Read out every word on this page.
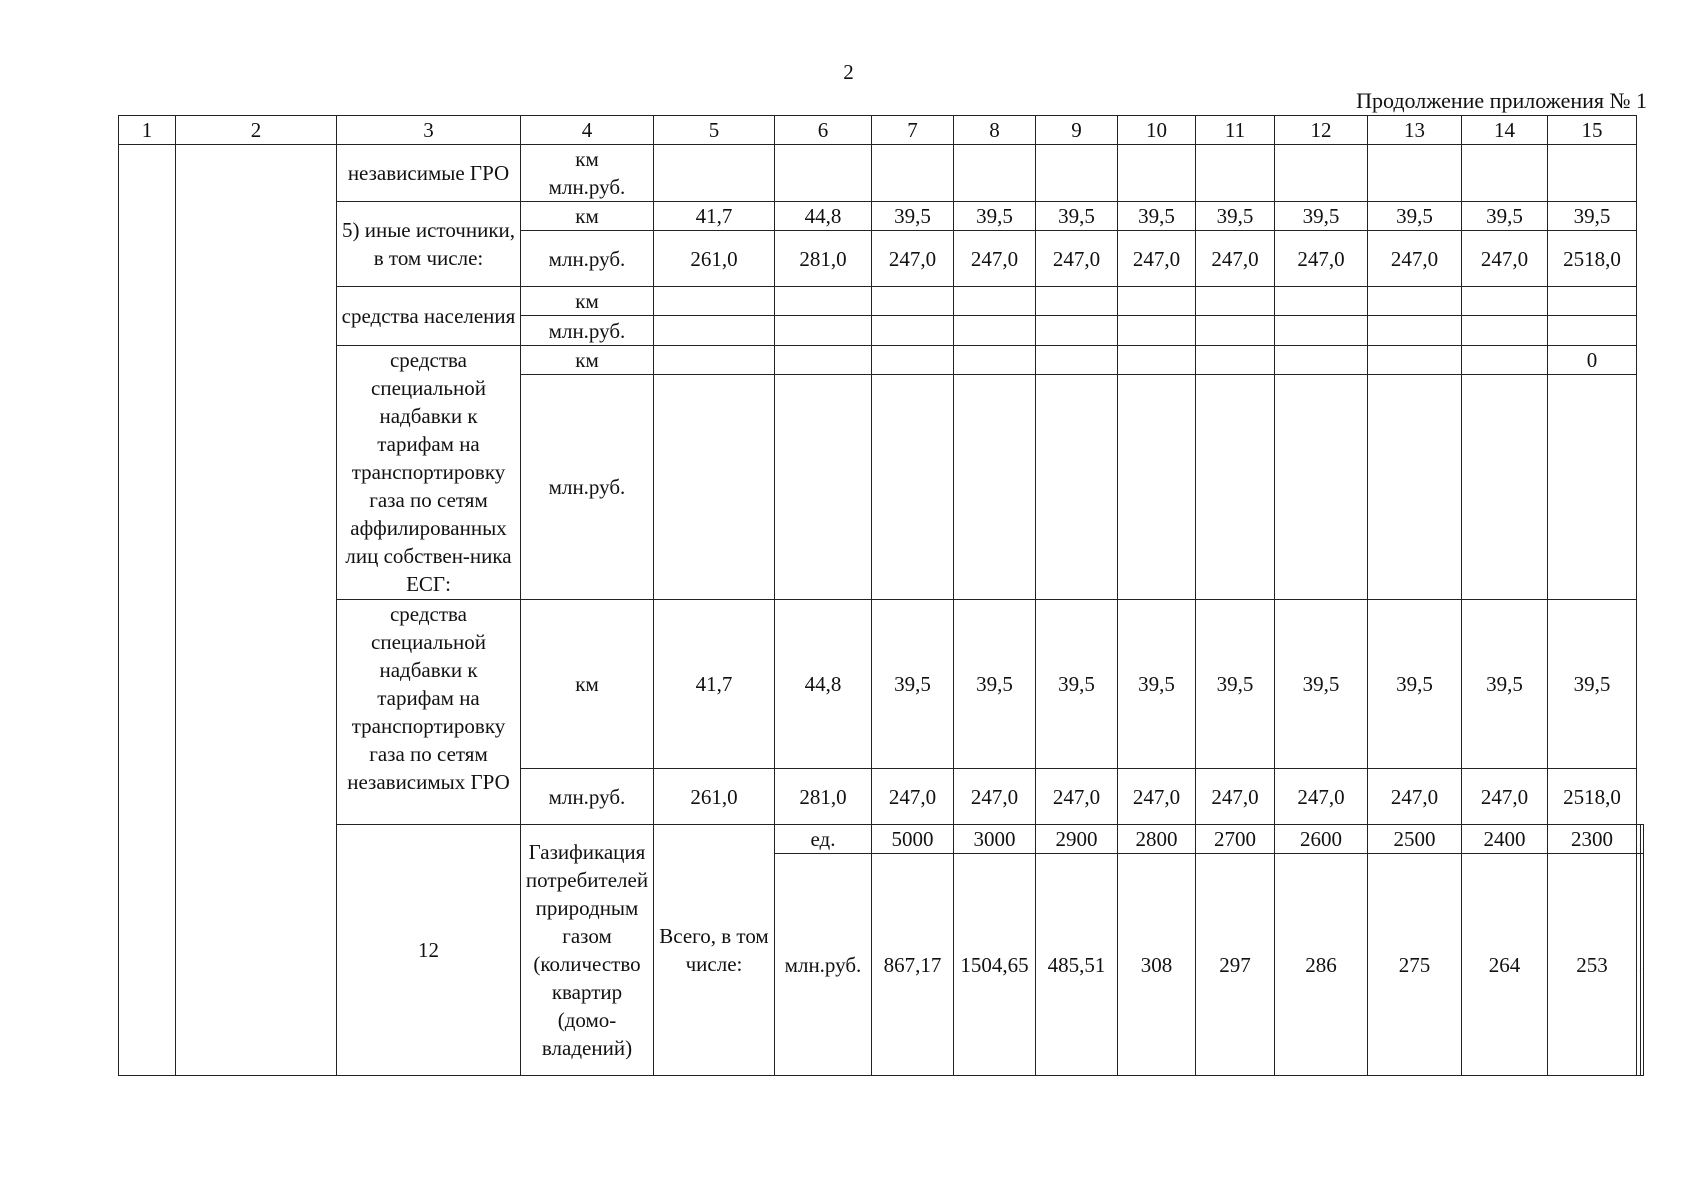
2
Продолжение приложения № 1
1	2	3	4	5	6	7	8	9	10	11	12	13	14	15		
		независимые ГРО	км
млн.руб.													
		5) иные источники, в том числе:	км	41,7	44,8	39,5	39,5	39,5	39,5	39,5	39,5	39,5	39,5	39,5		
			млн.руб.	261,0	281,0	247,0	247,0	247,0	247,0	247,0	247,0	247,0	247,0	2518,0		
		средства населения	км													
			млн.руб.													
		средства специальной надбавки к тарифам на транспортировку газа по сетям аффилированных лиц собствен-ника ЕСГ:	км											0		
			млн.руб.													
		средства специальной надбавки к тарифам на транспортировку газа по сетям независимых ГРО	км	41,7	44,8	39,5	39,5	39,5	39,5	39,5	39,5	39,5	39,5	39,5		
			млн.руб.	261,0	281,0	247,0	247,0	247,0	247,0	247,0	247,0	247,0	247,0	2518,0		
		12	Газификация потребителей природным газом (количество квартир (домо-владений)	Всего, в том числе:	ед.	5000	3000	2900	2800	2700	2600	2500	2400	2300		
					млн.руб.	867,17	1504,65	485,51	308	297	286	275	264	253		
